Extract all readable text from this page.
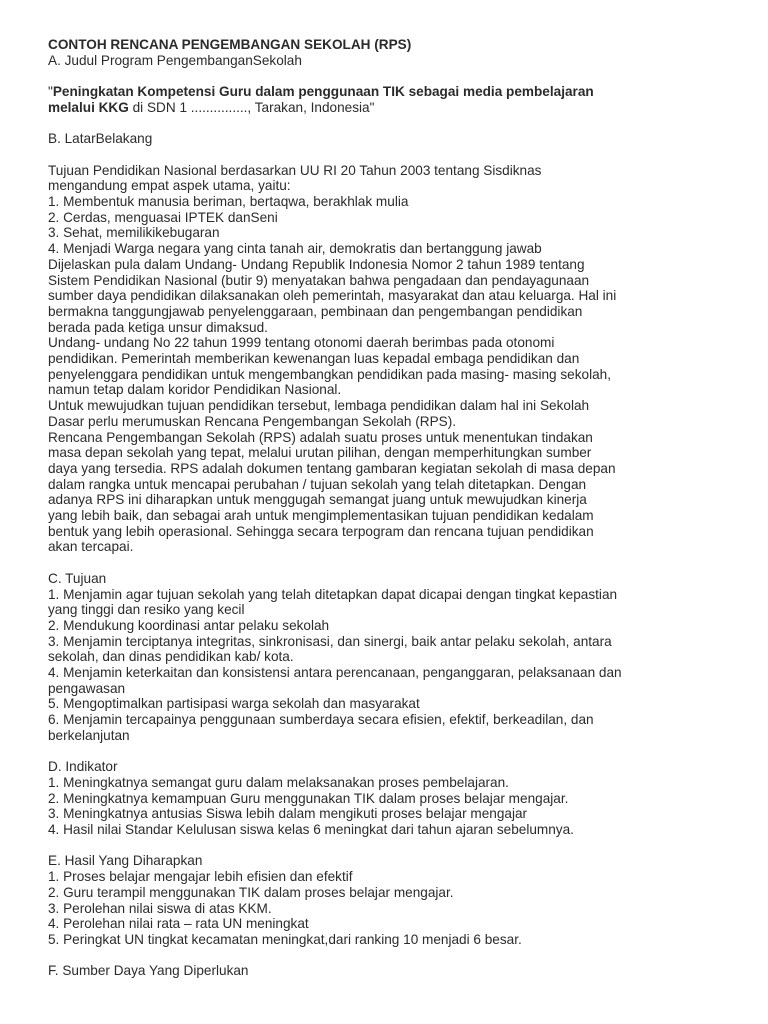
CONTOH RENCANA PENGEMBANGAN SEKOLAH (RPS)
A. Judul Program PengembanganSekolah
"Peningkatan Kompetensi Guru dalam penggunaan TIK sebagai media pembelajaran
melalui KKG di SDN 1 ..............., Tarakan, Indonesia"
B. LatarBelakang
Tujuan Pendidikan Nasional berdasarkan UU RI 20 Tahun 2003 tentang Sisdiknas
mengandung empat aspek utama, yaitu:
1. Membentuk manusia beriman, bertaqwa, berakhlak mulia
2. Cerdas, menguasai IPTEK danSeni
3. Sehat, memilikikebugaran
4. Menjadi Warga negara yang cinta tanah air, demokratis dan bertanggung jawab
Dijelaskan pula dalam Undang- Undang Republik Indonesia Nomor 2 tahun 1989 tentang
Sistem Pendidikan Nasional (butir 9) menyatakan bahwa pengadaan dan pendayagunaan
sumber daya pendidikan dilaksanakan oleh pemerintah, masyarakat dan atau keluarga. Hal ini
bermakna tanggungjawab penyelenggaraan, pembinaan dan pengembangan pendidikan
berada pada ketiga unsur dimaksud.
Undang- undang No 22 tahun 1999 tentang otonomi daerah berimbas pada otonomi
pendidikan. Pemerintah memberikan kewenangan luas kepadal embaga pendidikan dan
penyelenggara pendidikan untuk mengembangkan pendidikan pada masing- masing sekolah,
namun tetap dalam koridor Pendidikan Nasional.
Untuk mewujudkan tujuan pendidikan tersebut, lembaga pendidikan dalam hal ini Sekolah
Dasar perlu merumuskan Rencana Pengembangan Sekolah (RPS).
Rencana Pengembangan Sekolah (RPS) adalah suatu proses untuk menentukan tindakan
masa depan sekolah yang tepat, melalui urutan pilihan, dengan memperhitungkan sumber
daya yang tersedia. RPS adalah dokumen tentang gambaran kegiatan sekolah di masa depan
dalam rangka untuk mencapai perubahan / tujuan sekolah yang telah ditetapkan. Dengan
adanya RPS ini diharapkan untuk menggugah semangat juang untuk mewujudkan kinerja
yang lebih baik, dan sebagai arah untuk mengimplementasikan tujuan pendidikan kedalam
bentuk yang lebih operasional. Sehingga secara terpogram dan rencana tujuan pendidikan
akan tercapai.
C. Tujuan
1. Menjamin agar tujuan sekolah yang telah ditetapkan dapat dicapai dengan tingkat kepastian
yang tinggi dan resiko yang kecil
2. Mendukung koordinasi antar pelaku sekolah
3. Menjamin terciptanya integritas, sinkronisasi, dan sinergi, baik antar pelaku sekolah, antara
sekolah, dan dinas pendidikan kab/ kota.
4. Menjamin keterkaitan dan konsistensi antara perencanaan, penganggaran, pelaksanaan dan
pengawasan
5. Mengoptimalkan partisipasi warga sekolah dan masyarakat
6. Menjamin tercapainya penggunaan sumberdaya secara efisien, efektif, berkeadilan, dan
berkelanjutan
D. Indikator
1. Meningkatnya semangat guru dalam melaksanakan proses pembelajaran.
2. Meningkatnya kemampuan Guru menggunakan TIK dalam proses belajar mengajar.
3. Meningkatnya antusias Siswa lebih dalam mengikuti proses belajar mengajar
4. Hasil nilai Standar Kelulusan siswa kelas 6 meningkat dari tahun ajaran sebelumnya.
E. Hasil Yang Diharapkan
1. Proses belajar mengajar lebih efisien dan efektif
2. Guru terampil menggunakan TIK dalam proses belajar mengajar.
3. Perolehan nilai siswa di atas KKM.
4. Perolehan nilai rata – rata UN meningkat
5. Peringkat UN tingkat kecamatan meningkat,dari ranking 10 menjadi 6 besar.
F. Sumber Daya Yang Diperlukan
